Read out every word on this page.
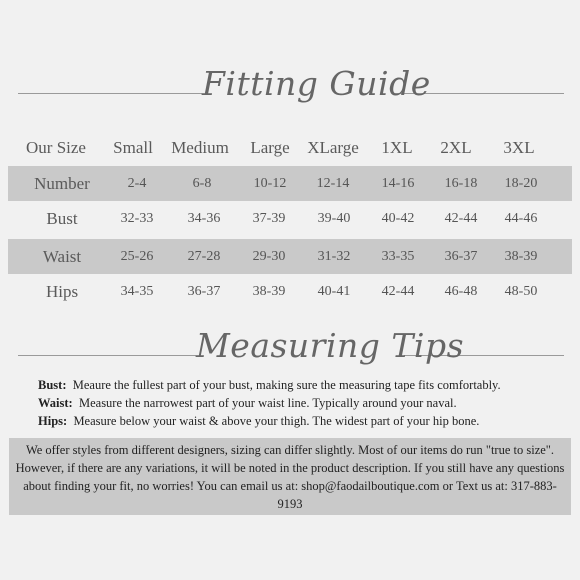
Fitting Guide
Our Size Small Medium Large XLarge 1XL 2XL 3XL
Number	2-4	6-8	10-12 12-14 14-16 16-18 18-20
Bust	32-33 34-36 37-39 39-40 40-42 42-44 44-46
Waist	25-26 27-28 29-30 31-32 33-35 36-37 38-39
Hips	34-35 36-37 38-39 40-41 42-44 46-48 48-50
Measuring Tips
Bust: Meaure the fullest part of your bust, making sure the measuring tape fits comfortably.
Waist: Measure the narrowest part of your waist line. Typically around your naval.
Hips: Measure below your waist & above your thigh. The widest part of your hip bone.
We offer styles from different designers, sizing can differ slightly. Most of our items do run "true to size". However, if there are any variations, it will be noted in the product description. If you still have any questions about finding your fit, no worries! You can email us at: shop@faodailboutique.com or Text us at: 317-883-9193
